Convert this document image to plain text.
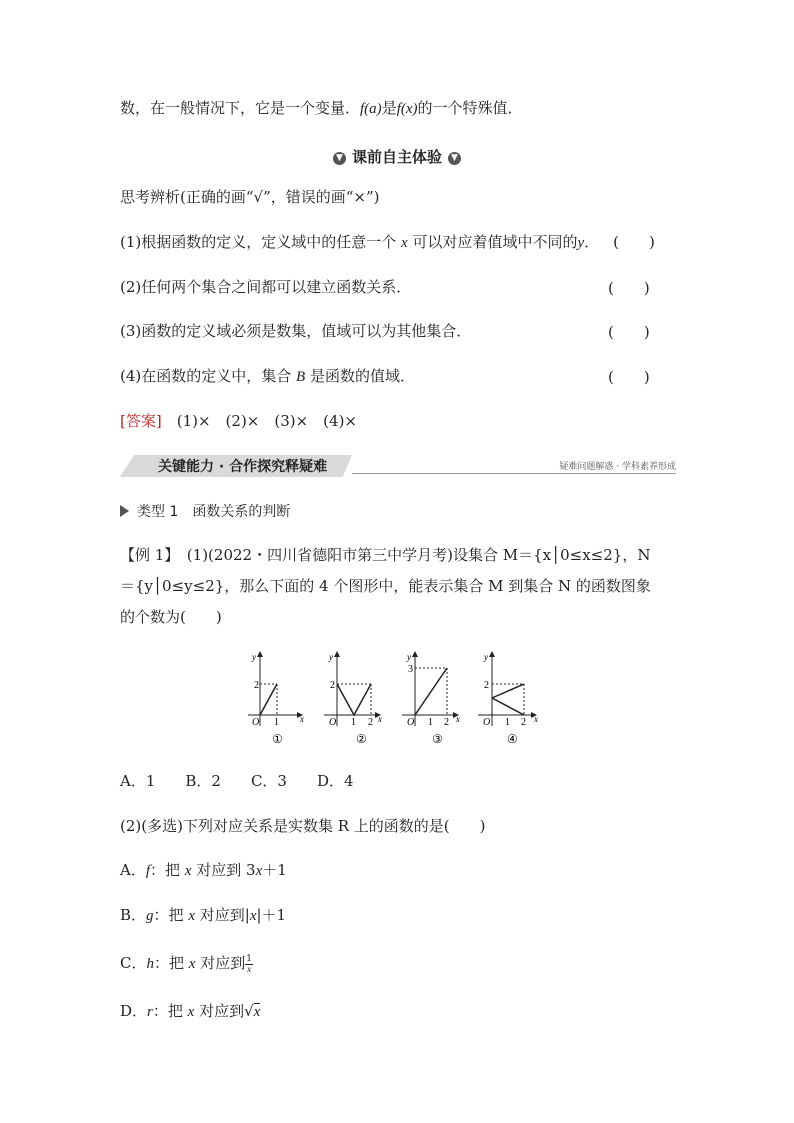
数，在一般情况下，它是一个变量．f(a)是f(x)的一个特殊值．
▼ 课前自主体验 ▼
思考辨析(正确的画“√”，错误的画“×”)
(1)根据函数的定义，定义域中的任意一个 x 可以对应着值域中不同的y． (　　)
(2)任何两个集合之间都可以建立函数关系．	(　　)
(3)函数的定义域必须是数集，值域可以为其他集合．	(　　)
(4)在函数的定义中，集合 B 是函数的值域．	(　　)
[答案]　 (1)×　(2)×　(3)×　(4)×
关键能力 · 合作探究释疑难	疑难问题解惑 · 学科素养形成
类型 1　函数关系的判断
【例 1】　(1)(2022・四川省德阳市第三中学月考)设集合 M＝{x│0≤x≤2}，N
＝{y│0≤y≤2}，那么下面的 4 个图形中，能表示集合 M 到集合 N 的函数图象
的个数为(　　)
y
x
2
O 1
①
y
x
2
O 1 2
②
y
x
3
O 1 2
③
y
x
2
O 1 2
④
A．1　　B．2　　C．3　　D．4
(2)(多选)下列对应关系是实数集 R 上的函数的是(　　)
A．f：把 x 对应到 3x＋1
B．g：把 x 对应到|x|＋1
C．h：把 x 对应到 $\frac{1}{x}$
D．r：把 x 对应到√x
